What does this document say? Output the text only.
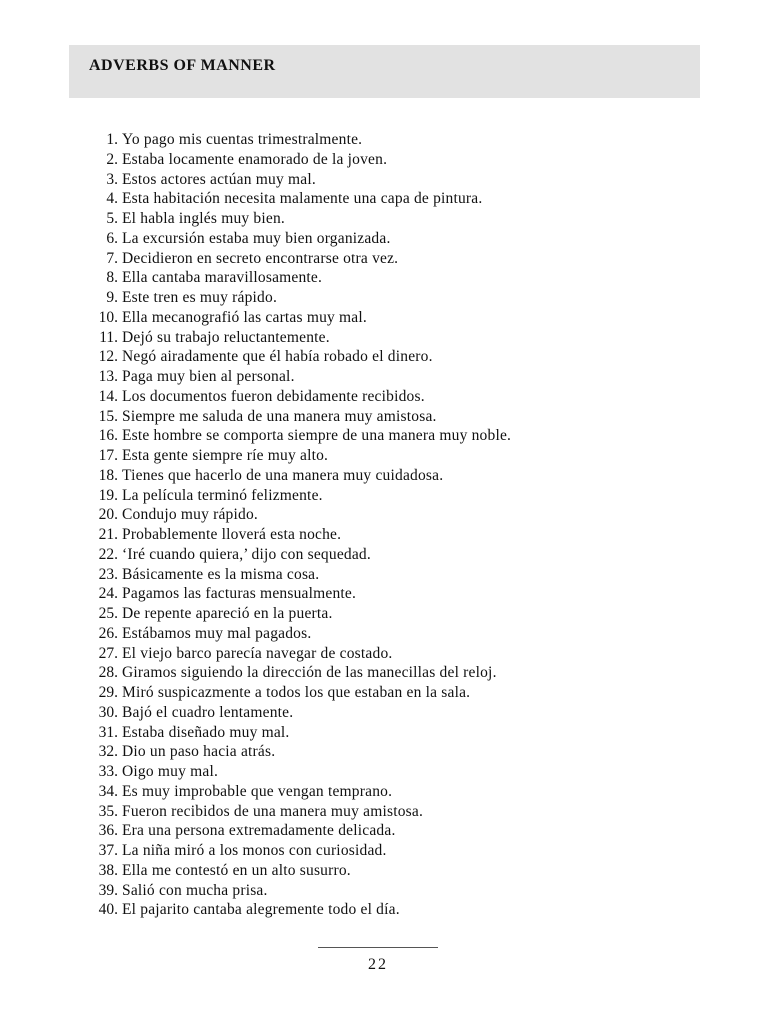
ADVERBS OF MANNER
1. Yo pago mis cuentas trimestralmente.
2. Estaba locamente enamorado de la joven.
3. Estos actores actúan muy mal.
4. Esta habitación necesita malamente una capa de pintura.
5. El habla inglés muy bien.
6. La excursión estaba muy bien organizada.
7. Decidieron en secreto encontrarse otra vez.
8. Ella cantaba maravillosamente.
9. Este tren es muy rápido.
10. Ella mecanografió las cartas muy mal.
11. Dejó su trabajo reluctantemente.
12. Negó airadamente que él había robado el dinero.
13. Paga muy bien al personal.
14. Los documentos fueron debidamente recibidos.
15. Siempre me saluda de una manera muy amistosa.
16. Este hombre se comporta siempre de una manera muy noble.
17. Esta gente siempre ríe muy alto.
18. Tienes que hacerlo de una manera muy cuidadosa.
19. La película terminó felizmente.
20. Condujo muy rápido.
21. Probablemente lloverá esta noche.
22. ‘Iré cuando quiera,’ dijo con sequedad.
23. Básicamente es la misma cosa.
24. Pagamos las facturas mensualmente.
25. De repente apareció en la puerta.
26. Estábamos muy mal pagados.
27. El viejo barco parecía navegar de costado.
28. Giramos siguiendo la dirección de las manecillas del reloj.
29. Miró suspicazmente a todos los que estaban en la sala.
30. Bajó el cuadro lentamente.
31. Estaba diseñado muy mal.
32. Dio un paso hacia atrás.
33. Oigo muy mal.
34. Es muy improbable que vengan temprano.
35. Fueron recibidos de una manera muy amistosa.
36. Era una persona extremadamente delicada.
37. La niña miró a los monos con curiosidad.
38. Ella me contestó en un alto susurro.
39. Salió con mucha prisa.
40. El pajarito cantaba alegremente todo el día.
22
